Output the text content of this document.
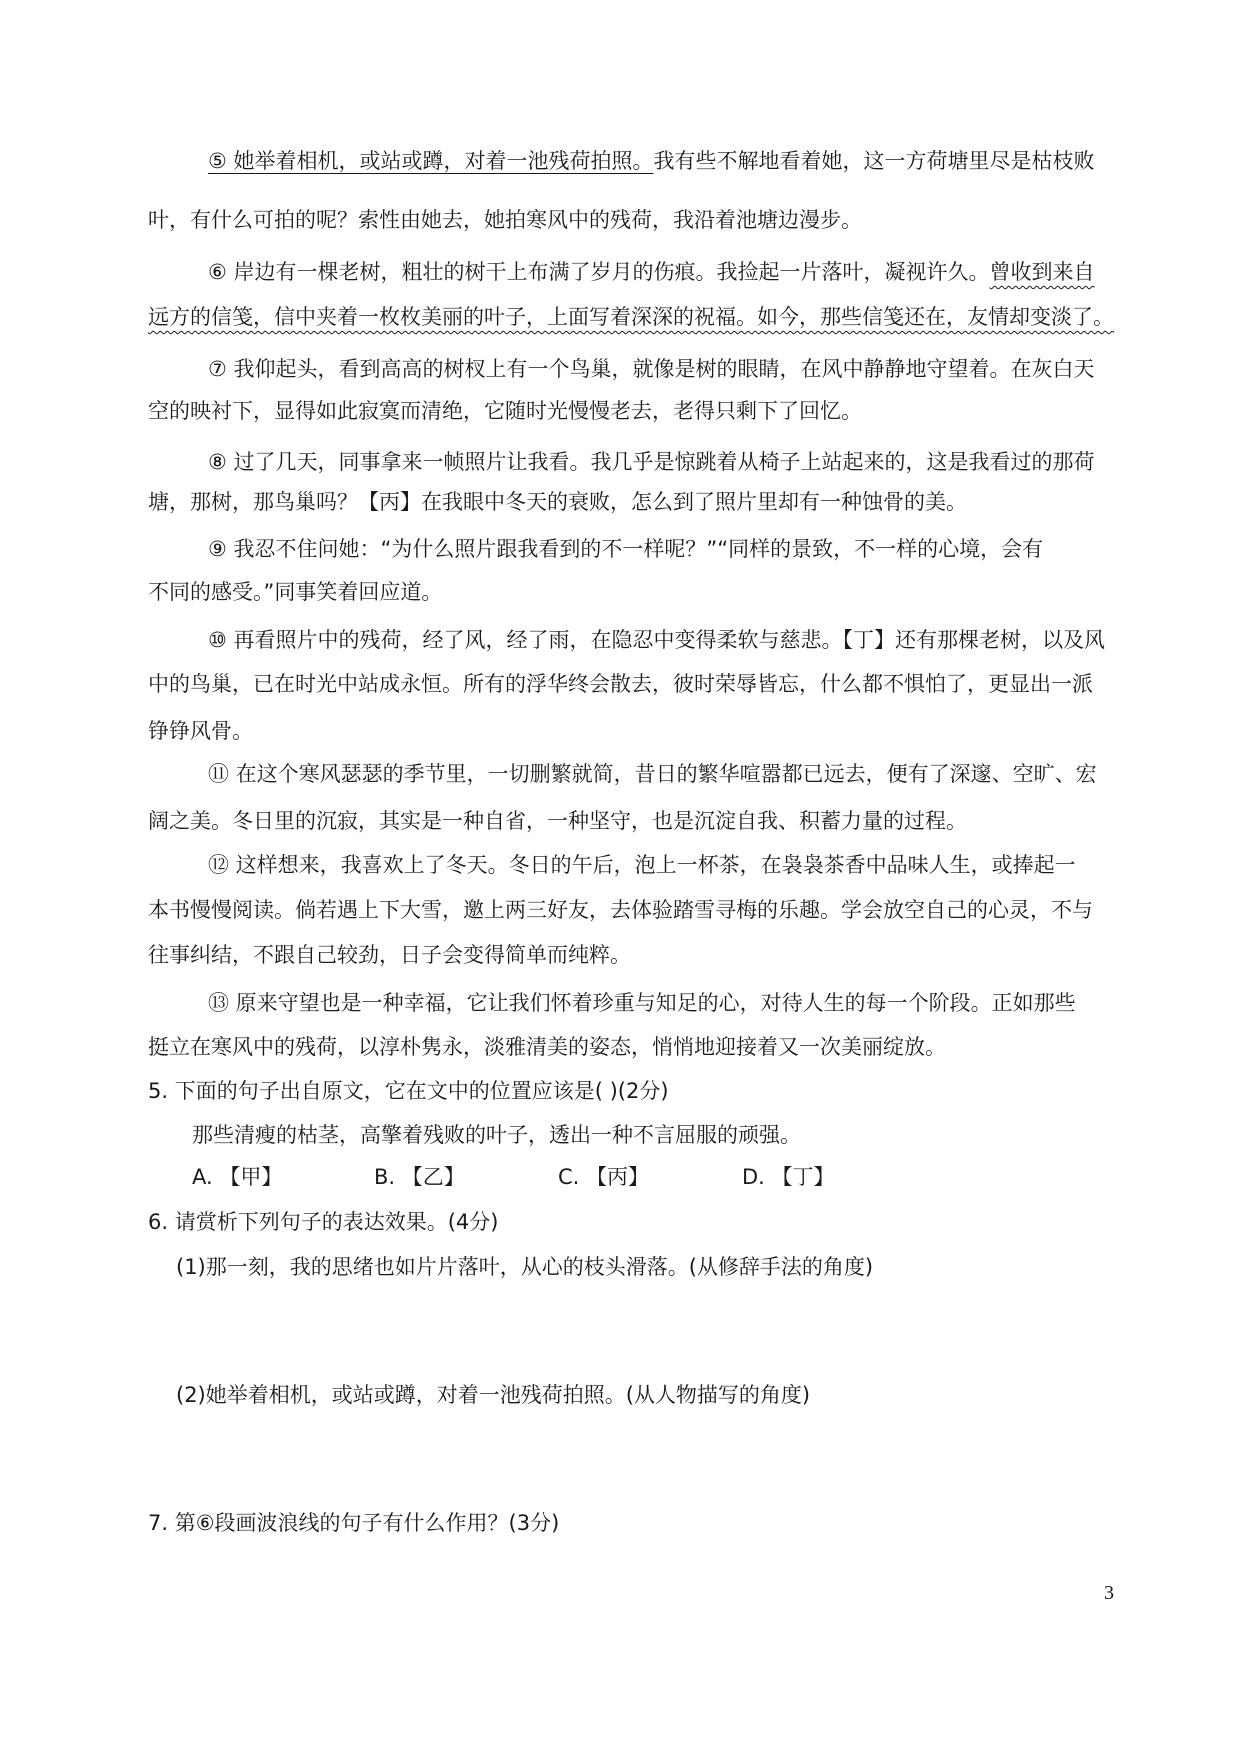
⑤ 她举着相机，或站或蹲，对着一池残荷拍照。我有些不解地看着她，这一方荷塘里尽是枯枝败
叶，有什么可拍的呢？索性由她去，她拍寒风中的残荷，我沿着池塘边漫步。
⑥ 岸边有一棵老树，粗壮的树干上布满了岁月的伤痕。我捡起一片落叶，凝视许久。曾收到来自
远方的信笺，信中夹着一枚枚美丽的叶子，上面写着深深的祝福。如今，那些信笺还在，友情却变淡了。
⑦ 我仰起头，看到高高的树杈上有一个鸟巢，就像是树的眼睛，在风中静静地守望着。在灰白天
空的映衬下，显得如此寂寞而清绝，它随时光慢慢老去，老得只剩下了回忆。
⑧ 过了几天，同事拿来一帧照片让我看。我几乎是惊跳着从椅子上站起来的，这是我看过的那荷
塘，那树，那鸟巢吗？【丙】在我眼中冬天的衰败，怎么到了照片里却有一种蚀骨的美。
⑨ 我忍不住问她：“为什么照片跟我看到的不一样呢？”“同样的景致，不一样的心境，会有
不同的感受。”同事笑着回应道。
⑩ 再看照片中的残荷，经了风，经了雨，在隐忍中变得柔软与慈悲。【丁】还有那棵老树，以及风
中的鸟巢，已在时光中站成永恒。所有的浮华终会散去，彼时荣辱皆忘，什么都不惧怕了，更显出一派
铮铮风骨。
⑪ 在这个寒风瑟瑟的季节里，一切删繁就简，昔日的繁华喧嚣都已远去，便有了深邃、空旷、宏
阔之美。冬日里的沉寂，其实是一种自省，一种坚守，也是沉淀自我、积蓄力量的过程。
⑫ 这样想来，我喜欢上了冬天。冬日的午后，泡上一杯茶，在袅袅茶香中品味人生，或捧起一
本书慢慢阅读。倘若遇上下大雪，邀上两三好友，去体验踏雪寻梅的乐趣。学会放空自己的心灵，不与
往事纠结，不跟自己较劲，日子会变得简单而纯粹。
⑬ 原来守望也是一种幸福，它让我们怀着珍重与知足的心，对待人生的每一个阶段。正如那些
挺立在寒风中的残荷，以淳朴隽永，淡雅清美的姿态，悄悄地迎接着又一次美丽绽放。
5. 下面的句子出自原文，它在文中的位置应该是( )(2分)
那些清瘦的枯茎，高擎着残败的叶子，透出一种不言屈服的顽强。
A. 【甲】	B. 【乙】	C. 【丙】	D. 【丁】
6. 请赏析下列句子的表达效果。(4分)
(1)那一刻，我的思绪也如片片落叶，从心的枝头滑落。(从修辞手法的角度)
(2)她举着相机，或站或蹲，对着一池残荷拍照。(从人物描写的角度)
7. 第⑥段画波浪线的句子有什么作用？(3分)
3
